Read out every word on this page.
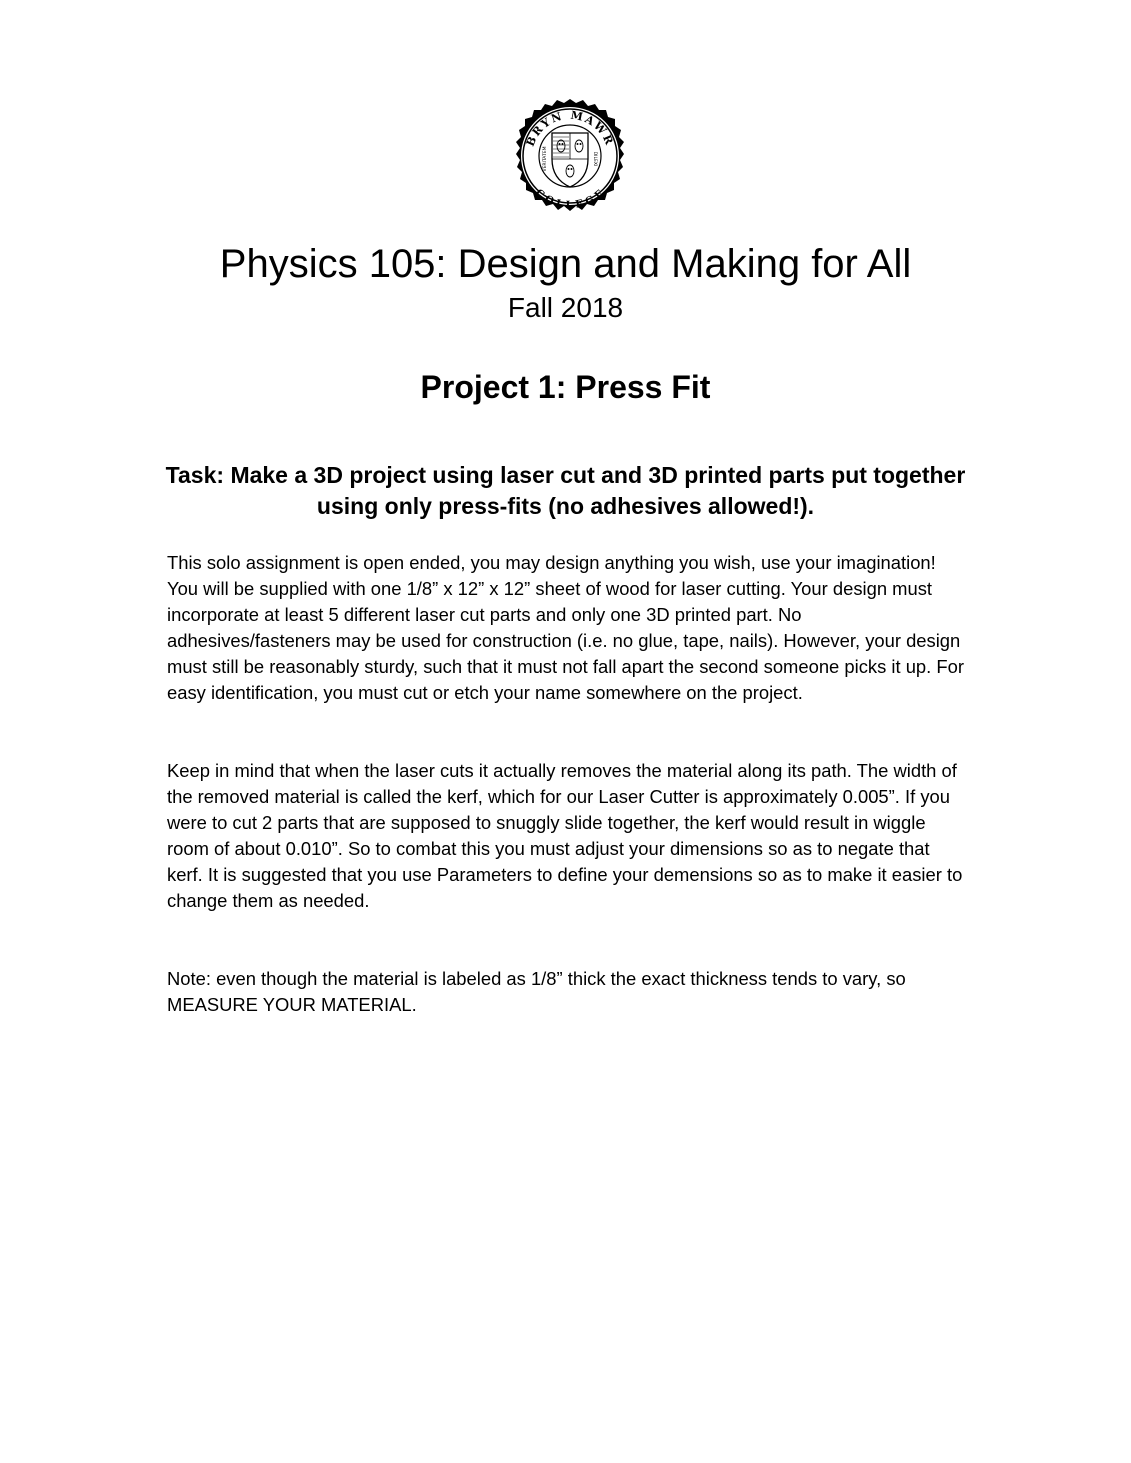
BRYN MAWR
COLLEGE
VERITATEM	DILEXI
Physics 105: Design and Making for All
Fall 2018
Project 1: Press Fit

Task: Make a 3D project using laser cut and 3D printed parts put together using only press-fits (no adhesives allowed!).

This solo assignment is open ended, you may design anything you wish, use your imagination! You will be supplied with one 1/8” x 12” x 12” sheet of wood for laser cutting. Your design must incorporate at least 5 different laser cut parts and only one 3D printed part. No adhesives/fasteners may be used for construction (i.e. no glue, tape, nails). However, your design must still be reasonably sturdy, such that it must not fall apart the second someone picks it up. For easy identification, you must cut or etch your name somewhere on the project.

Keep in mind that when the laser cuts it actually removes the material along its path. The width of the removed material is called the kerf, which for our Laser Cutter is approximately 0.005”. If you were to cut 2 parts that are supposed to snuggly slide together, the kerf would result in wiggle room of about 0.010”. So to combat this you must adjust your dimensions so as to negate that kerf. It is suggested that you use Parameters to define your demensions so as to make it easier to change them as needed.

Note: even though the material is labeled as 1/8” thick the exact thickness tends to vary, so MEASURE YOUR MATERIAL.
